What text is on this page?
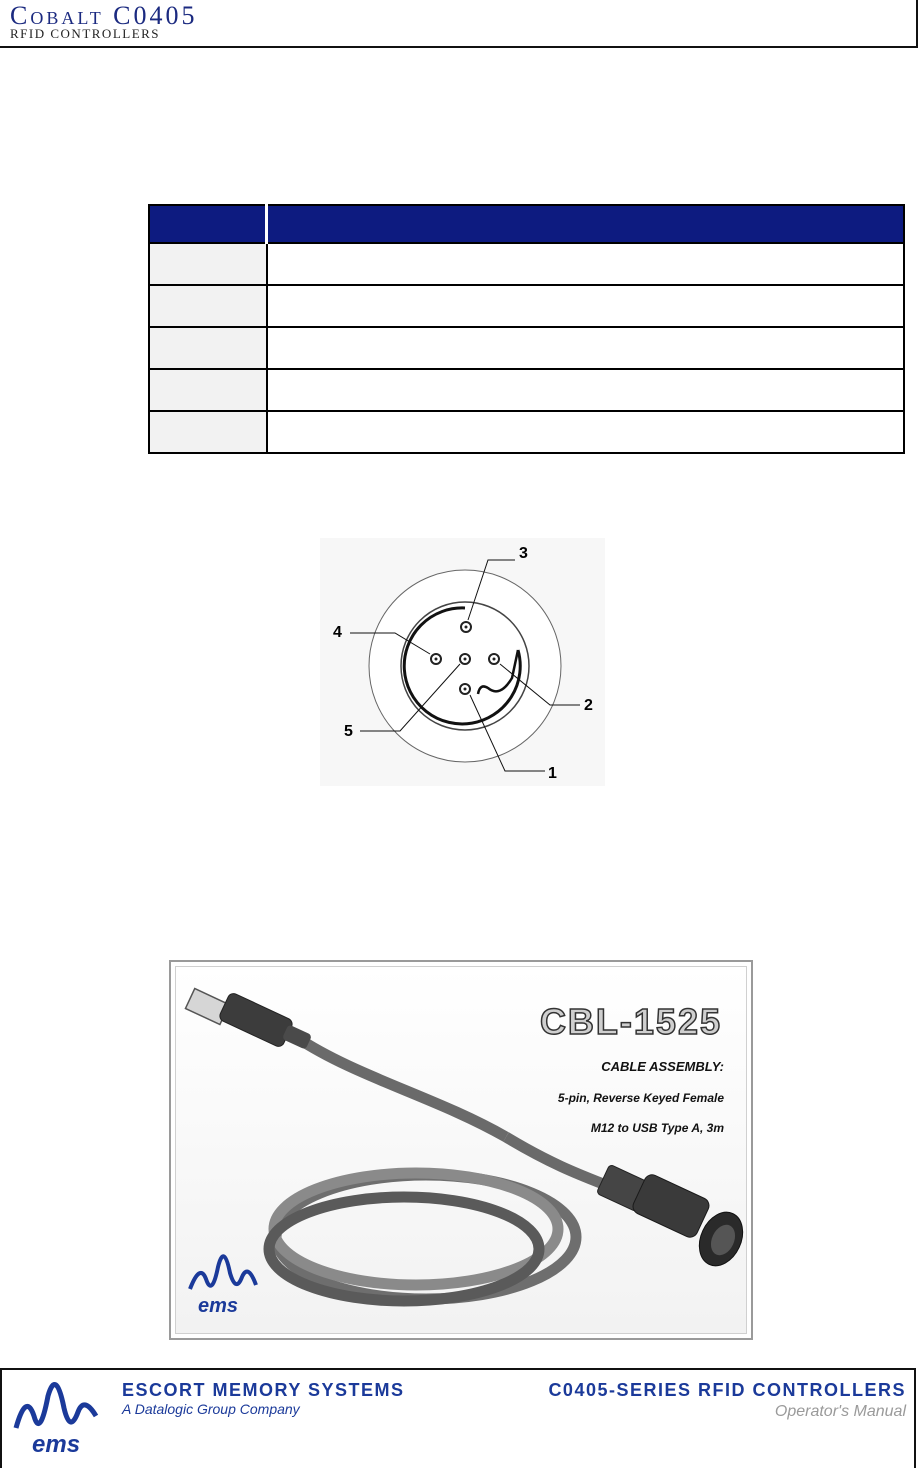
Cobalt C0405
RFID CONTROLLERS

3
4
5
2
1
ems
CBL-1525
CABLE ASSEMBLY:
5-pin, Reverse Keyed Female
M12 to USB Type A, 3m
ems
ESCORT MEMORY SYSTEMS
A Datalogic Group Company
C0405-SERIES RFID CONTROLLERS
Operator's Manual
